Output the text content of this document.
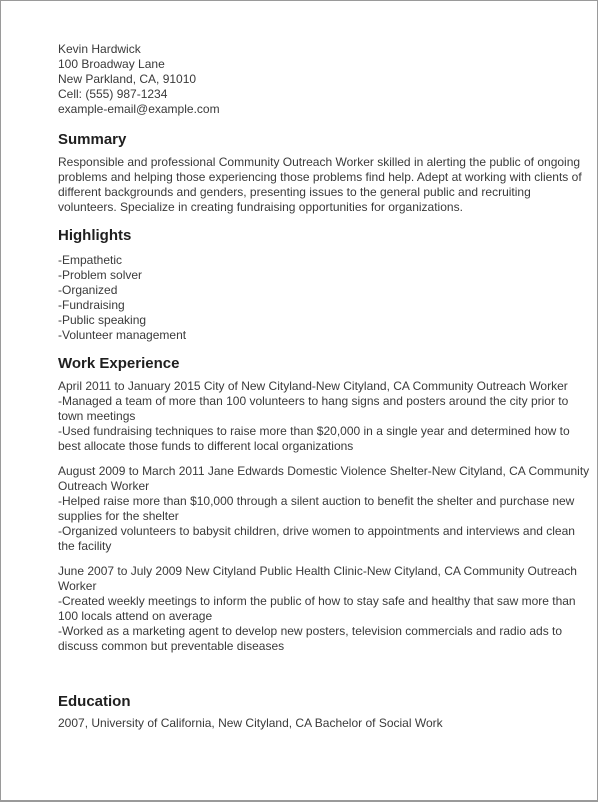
Kevin Hardwick
100 Broadway Lane
New Parkland, CA, 91010
Cell: (555) 987-1234
example-email@example.com
Summary
Responsible and professional Community Outreach Worker skilled in alerting the public of ongoing problems and helping those experiencing those problems find help. Adept at working with clients of different backgrounds and genders, presenting issues to the general public and recruiting volunteers. Specialize in creating fundraising opportunities for organizations.
Highlights
-Empathetic
-Problem solver
-Organized
-Fundraising
-Public speaking
-Volunteer management
Work Experience
April 2011 to January 2015 City of New Cityland-New Cityland, CA Community Outreach Worker
-Managed a team of more than 100 volunteers to hang signs and posters around the city prior to town meetings
-Used fundraising techniques to raise more than $20,000 in a single year and determined how to best allocate those funds to different local organizations
August 2009 to March 2011 Jane Edwards Domestic Violence Shelter-New Cityland, CA Community Outreach Worker
-Helped raise more than $10,000 through a silent auction to benefit the shelter and purchase new supplies for the shelter
-Organized volunteers to babysit children, drive women to appointments and interviews and clean the facility
June 2007 to July 2009 New Cityland Public Health Clinic-New Cityland, CA Community Outreach Worker
-Created weekly meetings to inform the public of how to stay safe and healthy that saw more than 100 locals attend on average
-Worked as a marketing agent to develop new posters, television commercials and radio ads to discuss common but preventable diseases
Education
2007, University of California, New Cityland, CA Bachelor of Social Work
